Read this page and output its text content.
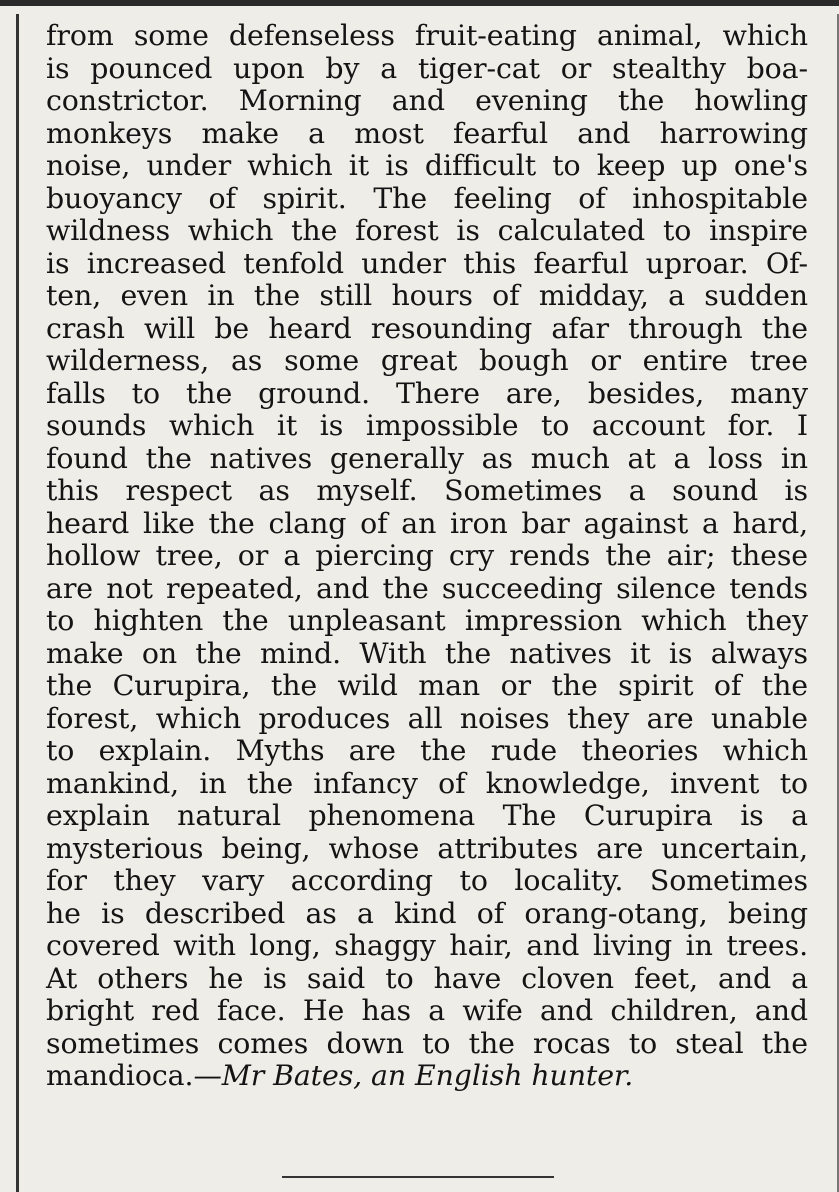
from some defenseless fruit-eating animal, which
is pounced upon by a tiger-cat or stealthy boa-
constrictor. Morning and evening the howling
monkeys make a most fearful and harrowing
noise, under which it is difficult to keep up one's
buoyancy of spirit. The feeling of inhospitable
wildness which the forest is calculated to inspire
is increased tenfold under this fearful uproar. Of-
ten, even in the still hours of midday, a sudden
crash will be heard resounding afar through the
wilderness, as some great bough or entire tree
falls to the ground. There are, besides, many
sounds which it is impossible to account for. I
found the natives generally as much at a loss in
this respect as myself. Sometimes a sound is
heard like the clang of an iron bar against a hard,
hollow tree, or a piercing cry rends the air; these
are not repeated, and the succeeding silence tends
to highten the unpleasant impression which they
make on the mind. With the natives it is always
the Curupira, the wild man or the spirit of the
forest, which produces all noises they are unable
to explain. Myths are the rude theories which
mankind, in the infancy of knowledge, invent to
explain natural phenomena The Curupira is a
mysterious being, whose attributes are uncertain,
for they vary according to locality. Sometimes
he is described as a kind of orang-otang, being
covered with long, shaggy hair, and living in trees.
At others he is said to have cloven feet, and a
bright red face. He has a wife and children, and
sometimes comes down to the rocas to steal the
mandioca.—Mr Bates, an English hunter.
